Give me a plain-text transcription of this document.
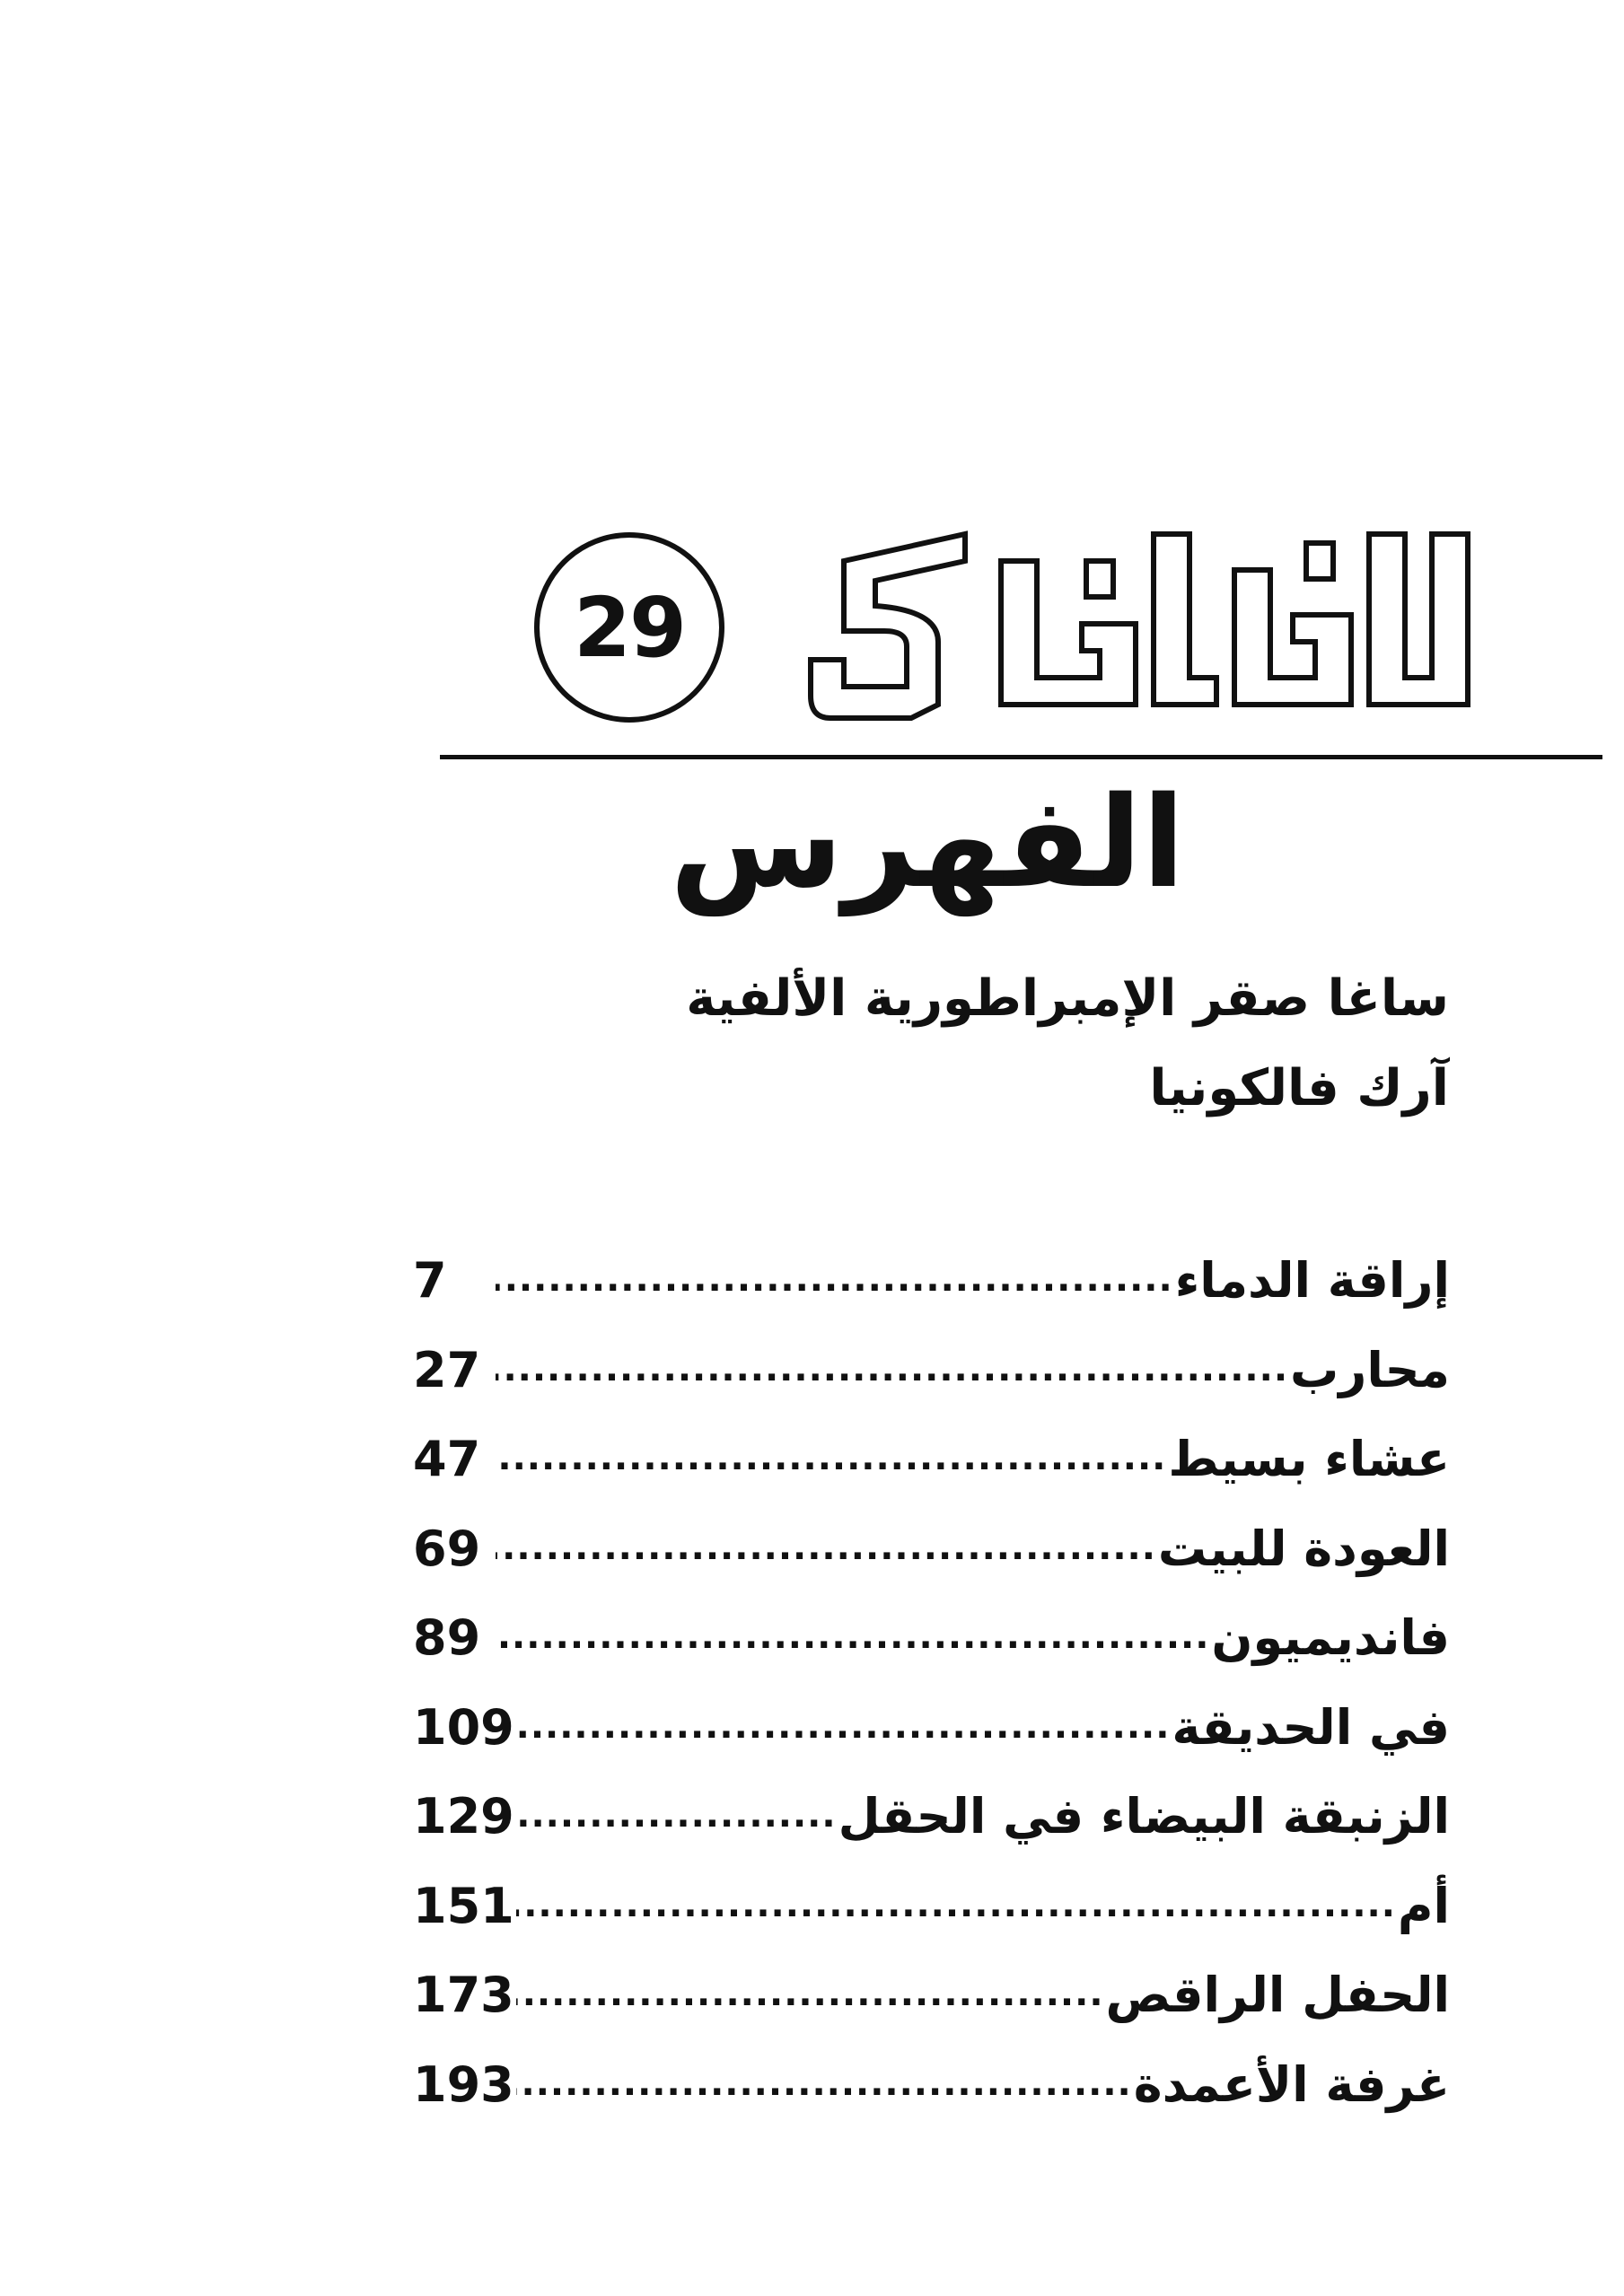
29
الفهرس
ساغا صقر الإمبراطورية الألفية
آرك فالكونيا
إراقة الدماء
.....
7
محارب
.....
27
عشاء بسيط
.....
47
العودة للبيت
.....
69
فانديميون
.....
89
في الحديقة
.....
109
الزنبقة البيضاء في الحقل
.....
129
أم
.....
151
الحفل الراقص
.....
173
غرفة الأعمدة
.....
193
